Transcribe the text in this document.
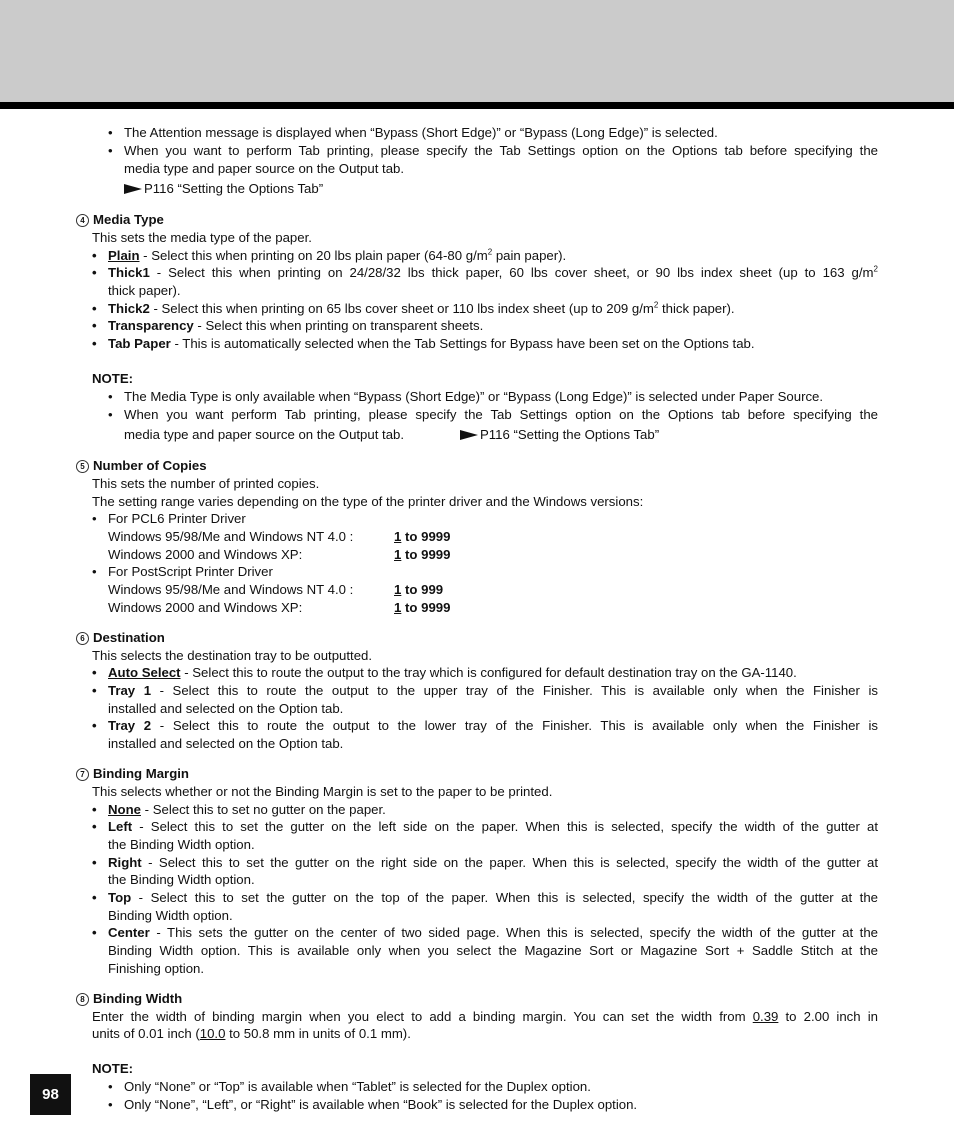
• The Attention message is displayed when “Bypass (Short Edge)” or “Bypass (Long Edge)” is selected.
• When you want to perform Tab printing, please specify the Tab Settings option on the Options tab before specifying the
media type and paper source on the Output tab.
P116 “Setting the Options Tab”
4 Media Type
This sets the media type of the paper.
• Plain - Select this when printing on 20 lbs plain paper (64-80 $g/m^2$ pain paper).
• Thick1 - Select this when printing on 24/28/32 lbs thick paper, 60 lbs cover sheet, or 90 lbs index sheet (up to 163 $g/m^2$
thick paper).
• Thick2 - Select this when printing on 65 lbs cover sheet or 110 lbs index sheet (up to 209 $g/m^2$ thick paper).
• Transparency - Select this when printing on transparent sheets.
• Tab Paper - This is automatically selected when the Tab Settings for Bypass have been set on the Options tab.
NOTE:
• The Media Type is only available when “Bypass (Short Edge)” or “Bypass (Long Edge)” is selected under Paper Source.
• When you want perform Tab printing, please specify the Tab Settings option on the Options tab before specifying the
media type and paper source on the Output tab.	P116 “Setting the Options Tab”
5 Number of Copies
This sets the number of printed copies.
The setting range varies depending on the type of the printer driver and the Windows versions:
• For PCL6 Printer Driver
Windows 95/98/Me and Windows NT 4.0 :	1 to 9999
Windows 2000 and Windows XP:	1 to 9999
• For PostScript Printer Driver
Windows 95/98/Me and Windows NT 4.0 :	1 to 999
Windows 2000 and Windows XP:	1 to 9999
6 Destination
This selects the destination tray to be outputted.
• Auto Select - Select this to route the output to the tray which is configured for default destination tray on the GA-1140.
• Tray 1 - Select this to route the output to the upper tray of the Finisher. This is available only when the Finisher is
installed and selected on the Option tab.
• Tray 2 - Select this to route the output to the lower tray of the Finisher. This is available only when the Finisher is
installed and selected on the Option tab.
7 Binding Margin
This selects whether or not the Binding Margin is set to the paper to be printed.
• None - Select this to set no gutter on the paper.
• Left - Select this to set the gutter on the left side on the paper. When this is selected, specify the width of the gutter at
the Binding Width option.
• Right - Select this to set the gutter on the right side on the paper. When this is selected, specify the width of the gutter at
the Binding Width option.
• Top - Select this to set the gutter on the top of the paper. When this is selected, specify the width of the gutter at the
Binding Width option.
• Center - This sets the gutter on the center of two sided page. When this is selected, specify the width of the gutter at the
Binding Width option. This is available only when you select the Magazine Sort or Magazine Sort + Saddle Stitch at the
Finishing option.
8 Binding Width
Enter the width of binding margin when you elect to add a binding margin. You can set the width from 0.39 to 2.00 inch in
units of 0.01 inch (10.0 to 50.8 mm in units of 0.1 mm).
NOTE:
• Only “None” or “Top” is available when “Tablet” is selected for the Duplex option.
• Only “None”, “Left”, or “Right” is available when “Book” is selected for the Duplex option.
98
